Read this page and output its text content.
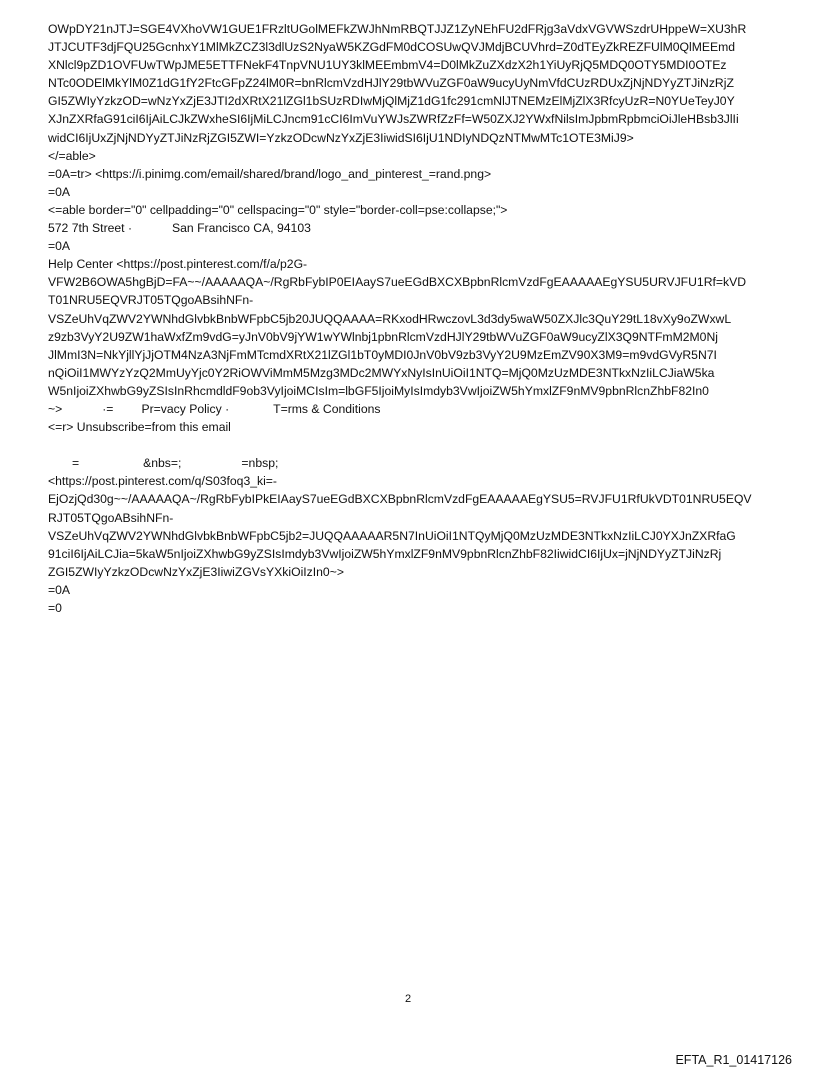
OWpDY21nJTJ=SGE4VXhoVW1GUE1FRzltUGolMEFkZWJhNmRBQTJJZ1ZyNEhFU2dFRjg3aVdxVGVWSzdrUHppeW=XU3hR
JTJCUTF3djFQU25GcnhxY1MlMkZCZ3l3dlUzS2NyaW5KZGdFM0dCOSUwQVJMdjBCUVhrd=Z0dTEyZkREZFUlM0QlMEEmd
XNlcl9pZD1OVFUwTWpJME5ETTFNekF4TnpVNU1UY3klMEEmbmV4=D0lMkZuZXdzX2h1YiUyRjQ5MDQ0OTY5MDI0OTEz
NTc0ODElMkYlM0Z1dG1fY2FtcGFpZ24lM0R=bnRlcmVzdHJlY29tbWVuZGF0aW9ucyUyNmVfdCUzRDUxZjNjNDYyZTJiNzRjZ
GI5ZWIyYzkzOD=wNzYxZjE3JTI2dXRtX21lZGl1bSUzRDIwMjQlMjZ1dG1fc291cmNlJTNEMzElMjZlX3RfcyUzR=N0YUeTeyJ0Y
XJnZXRfaG91ciI6IjAiLCJkZWxheSI6IjMiLCJncm91cCI6ImVuYWJsZWRfZzFf=W50ZXJ2YWxfNilsImJpbmRpbmciOiJleHBsb3JlIi
widCI6IjUxZjNjNDYyZTJiNzRjZGI5ZWI=YzkzODcwNzYxZjE3IiwidSI6IjU1NDIyNDQzNTMwMTc1OTE3MiJ9>
</=able>
=0A=tr> <https://i.pinimg.com/email/shared/brand/logo_and_pinterest_=rand.png>
=0A
<=able border="0" cellpadding="0" cellspacing="0" style="border-coll=pse:collapse;">
572 7th Street ·	San Francisco CA, 94103
=0A
Help Center <https://post.pinterest.com/f/a/p2G-
VFW2B6OWA5hgBjD=FA~~/AAAAAQA~/RgRbFybIP0EIAayS7ueEGdBXCXBpbnRlcmVzdFgEAAAAAEgYSU5URVJFU1Rf=kVD
T01NRU5EQVRJT05TQgoABsihNFn-
VSZeUhVqZWV2YWNhdGlvbkBnbWFpbC5jb20JUQQAAAA=RKxodHRwczovL3d3dy5waW50ZXJlc3QuY29tL18vXy9oZWxwL
z9zb3VyY2U9ZW1haWxfZm9vdG=yJnV0bV9jYW1wYWlnbj1pbnRlcmVzdHJlY29tbWVuZGF0aW9ucyZlX3Q9NTFmM2M0Nj
JlMmI3N=NkYjllYjJjOTM4NzA3NjFmMTcmdXRtX21lZGl1bT0yMDI0JnV0bV9zb3VyY2U9MzEmZV90X3M9=m9vdGVyR5N7I
nQiOiI1MWYzYzQ2MmUyYjc0Y2RiOWViMmM5Mzg3MDc2MWYxNyIsInUiOiI1NTQ=MjQ0MzUzMDE3NTkxNzIiLCJiaW5ka
W5nIjoiZXhwbG9yZSIsInRhcmdldF9ob3VyIjoiMCIsIm=lbGF5IjoiMyIsImdyb3VwIjoiZW5hYmxlZF9nMV9pbnRlcnZhbF82In0
~>	·= Pr=vacy Policy ·	T=rms & Conditions
<=r> Unsubscribe=from this email
=	&nbs=;	=nbsp;
<https://post.pinterest.com/q/S03foq3_ki=-
EjOzjQd30g~~/AAAAAQA~/RgRbFybIPkEIAayS7ueEGdBXCXBpbnRlcmVzdFgEAAAAAEgYSU5=RVJFU1RfUkVDT01NRU5EQV
RJT05TQgoABsihNFn-
VSZeUhVqZWV2YWNhdGlvbkBnbWFpbC5jb2=JUQQAAAAAR5N7InUiOiI1NTQyMjQ0MzUzMDE3NTkxNzIiLCJ0YXJnZXRfaG
91ciI6IjAiLCJia=5kaW5nIjoiZXhwbG9yZSIsImdyb3VwIjoiZW5hYmxlZF9nMV9pbnRlcnZhbF82IiwidCI6IjUx=jNjNDYyZTJiNzRj
ZGI5ZWIyYzkzODcwNzYxZjE3IiwiZGVsYXkiOiIzIn0~>
=0A
=0
2
EFTA_R1_01417126
